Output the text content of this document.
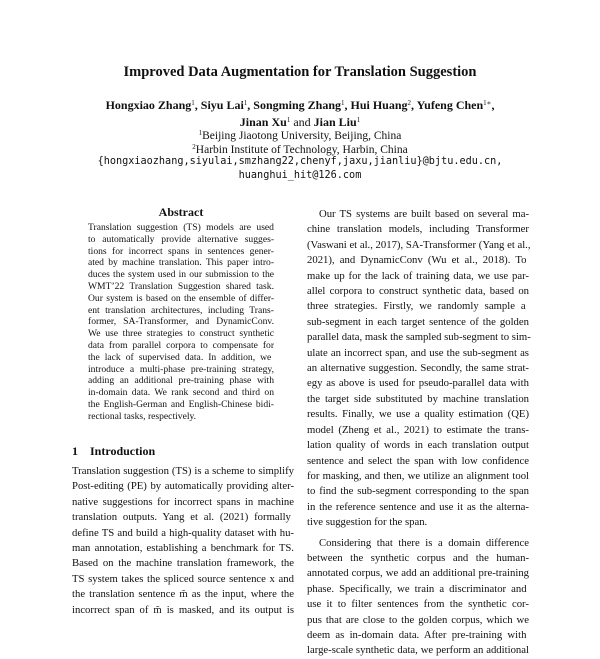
Improved Data Augmentation for Translation Suggestion
Hongxiao Zhang$^1$, Siyu Lai$^1$, Songming Zhang$^1$, Hui Huang$^2$, Yufeng Chen$^{1∗}$,
Jinan Xu$^1$ and Jian Liu$^1$
$^1$Beijing Jiaotong University, Beijing, China
$^2$Harbin Institute of Technology, Harbin, China
{hongxiaozhang,siyulai,smzhang22,chenyf,jaxu,jianliu}@bjtu.edu.cn,
huanghui_hit@126.com
Abstract
Translation suggestion (TS) models are used
to automatically provide alternative sugges-
tions for incorrect spans in sentences gener-
ated by machine translation. This paper intro-
duces the system used in our submission to the
WMT’22 Translation Suggestion shared task.
Our system is based on the ensemble of differ-
ent translation architectures, including Trans-
former, SA-Transformer, and DynamicConv.
We use three strategies to construct synthetic
data from parallel corpora to compensate for
the lack of supervised data. In addition, we
introduce a multi-phase pre-training strategy,
adding an additional pre-training phase with
in-domain data. We rank second and third on
the English-German and English-Chinese bidi-
rectional tasks, respectively.
1 Introduction
Translation suggestion (TS) is a scheme to simplify
Post-editing (PE) by automatically providing alter-
native suggestions for incorrect spans in machine
translation outputs. Yang et al. (2021) formally
define TS and build a high-quality dataset with hu-
man annotation, establishing a benchmark for TS.
Based on the machine translation framework, the
TS system takes the spliced source sentence x and
the translation sentence m̃ as the input, where the
incorrect span of m̃ is masked, and its output is
Our TS systems are built based on several ma-
chine translation models, including Transformer
(Vaswani et al., 2017), SA-Transformer (Yang et al.,
2021), and DynamicConv (Wu et al., 2018). To
make up for the lack of training data, we use par-
allel corpora to construct synthetic data, based on
three strategies. Firstly, we randomly sample a
sub-segment in each target sentence of the golden
parallel data, mask the sampled sub-segment to sim-
ulate an incorrect span, and use the sub-segment as
an alternative suggestion. Secondly, the same strat-
egy as above is used for pseudo-parallel data with
the target side substituted by machine translation
results. Finally, we use a quality estimation (QE)
model (Zheng et al., 2021) to estimate the trans-
lation quality of words in each translation output
sentence and select the span with low confidence
for masking, and then, we utilize an alignment tool
to find the sub-segment corresponding to the span
in the reference sentence and use it as the alterna-
tive suggestion for the span.
Considering that there is a domain difference
between the synthetic corpus and the human-
annotated corpus, we add an additional pre-training
phase. Specifically, we train a discriminator and
use it to filter sentences from the synthetic cor-
pus that are close to the golden corpus, which we
deem as in-domain data. After pre-training with
large-scale synthetic data, we perform an additional
